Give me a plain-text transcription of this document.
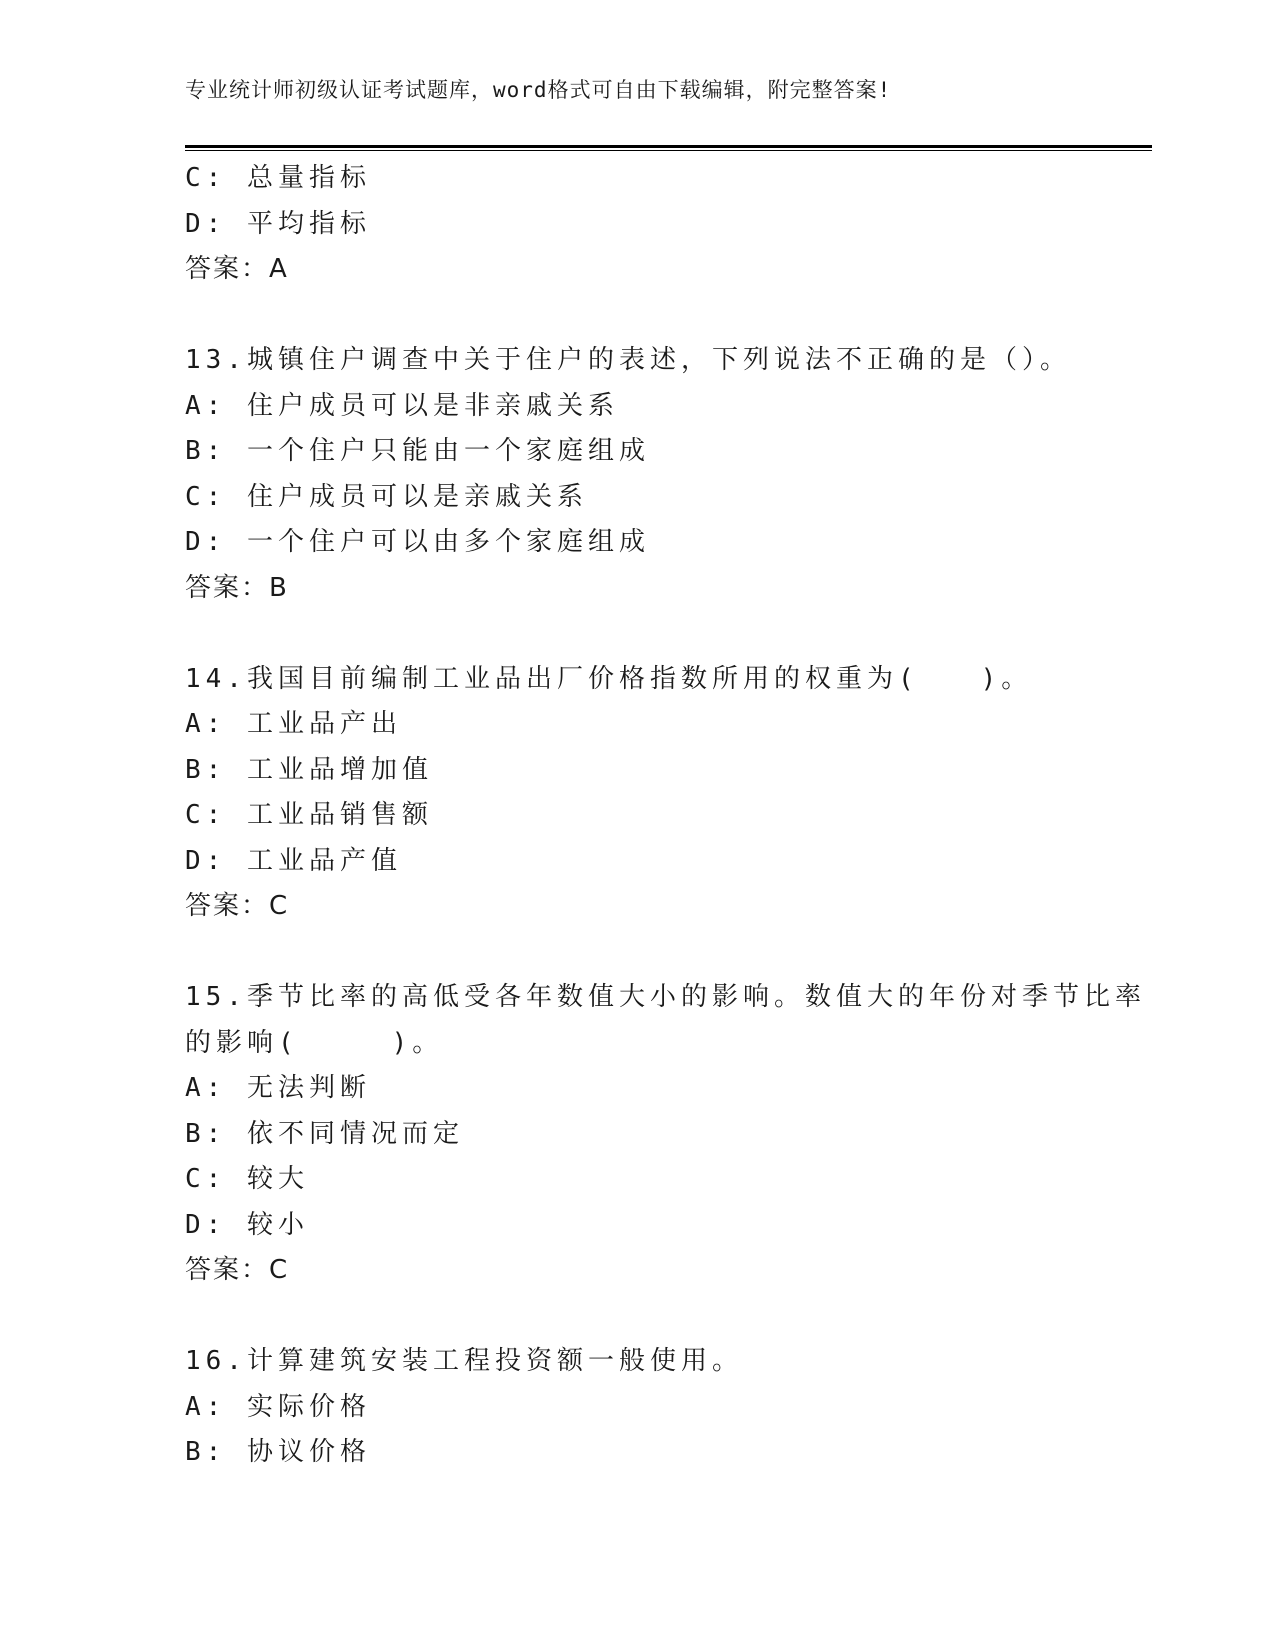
专业统计师初级认证考试题库，word格式可自由下载编辑，附完整答案!
C: 总量指标
D: 平均指标
答案：A
13.城镇住户调查中关于住户的表述，下列说法不正确的是（）。
A: 住户成员可以是非亲戚关系
B: 一个住户只能由一个家庭组成
C: 住户成员可以是亲戚关系
D: 一个住户可以由多个家庭组成
答案：B
14.我国目前编制工业品出厂价格指数所用的权重为(　　)。
A: 工业品产出
B: 工业品增加值
C: 工业品销售额
D: 工业品产值
答案：C
15.季节比率的高低受各年数值大小的影响。数值大的年份对季节比率
的影响(　　　)。
A: 无法判断
B: 依不同情况而定
C: 较大
D: 较小
答案：C
16.计算建筑安装工程投资额一般使用。
A: 实际价格
B: 协议价格
